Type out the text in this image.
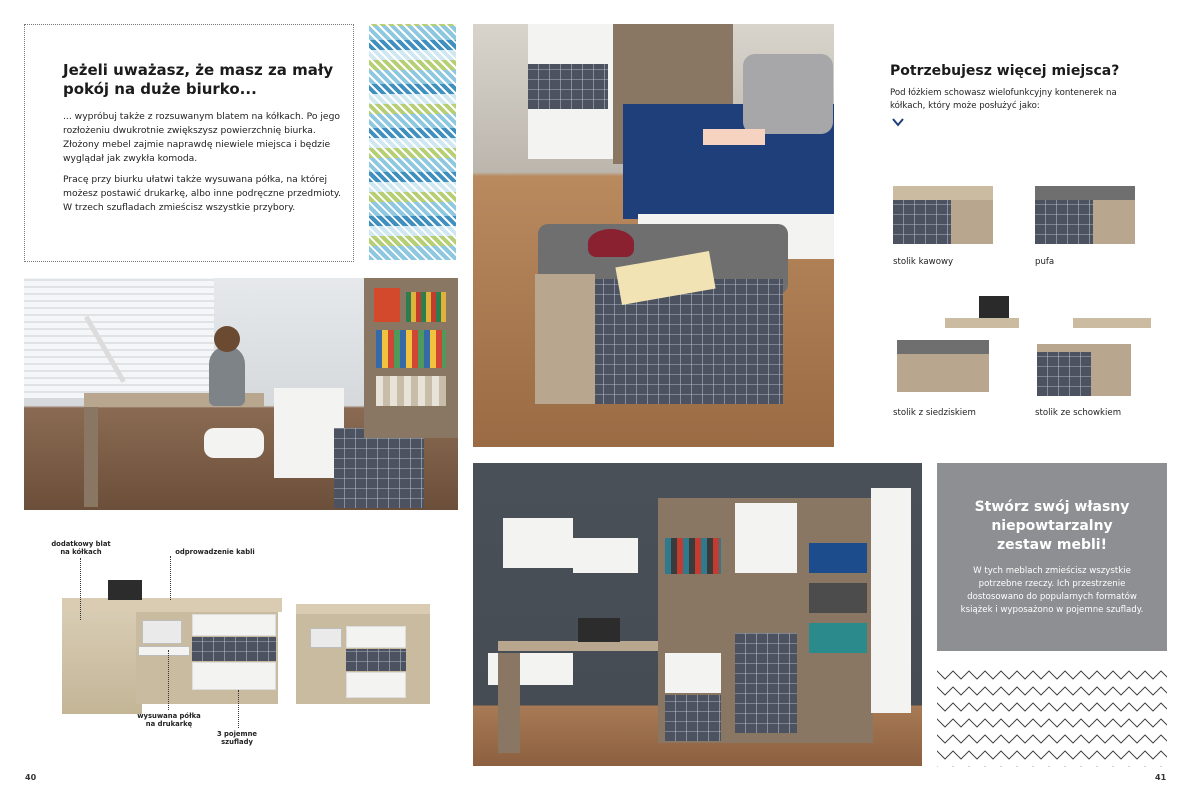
Jeżeli uważasz, że masz za mały pokój na duże biurko...
... wypróbuj także z rozsuwanym blatem na kółkach. Po jego rozłożeniu dwukrotnie zwiększysz powierzchnię biurka. Złożony mebel zajmie naprawdę niewiele miejsca i będzie wyglądał jak zwykła komoda.
Pracę przy biurku ułatwi także wysuwana półka, na której możesz postawić drukarkę, albo inne podręczne przedmioty. W trzech szufladach zmieścisz wszystkie przybory.
dodatkowy blat na kółkach	odprowadzenie kabli
wysuwana półka na drukarkę
3 pojemne szuflady
Potrzebujesz więcej miejsca?
Pod łóżkiem schowasz wielofunkcyjny kontenerek na kółkach, który może posłużyć jako:
stolik kawowy	pufa
stolik z siedziskiem	stolik ze schowkiem
Stwórz swój własny niepowtarzalny zestaw mebli!
W tych meblach zmieścisz wszystkie potrzebne rzeczy. Ich przestrzenie dostosowano do popularnych formatów książek i wyposażono w pojemne szuflady.
40	41
